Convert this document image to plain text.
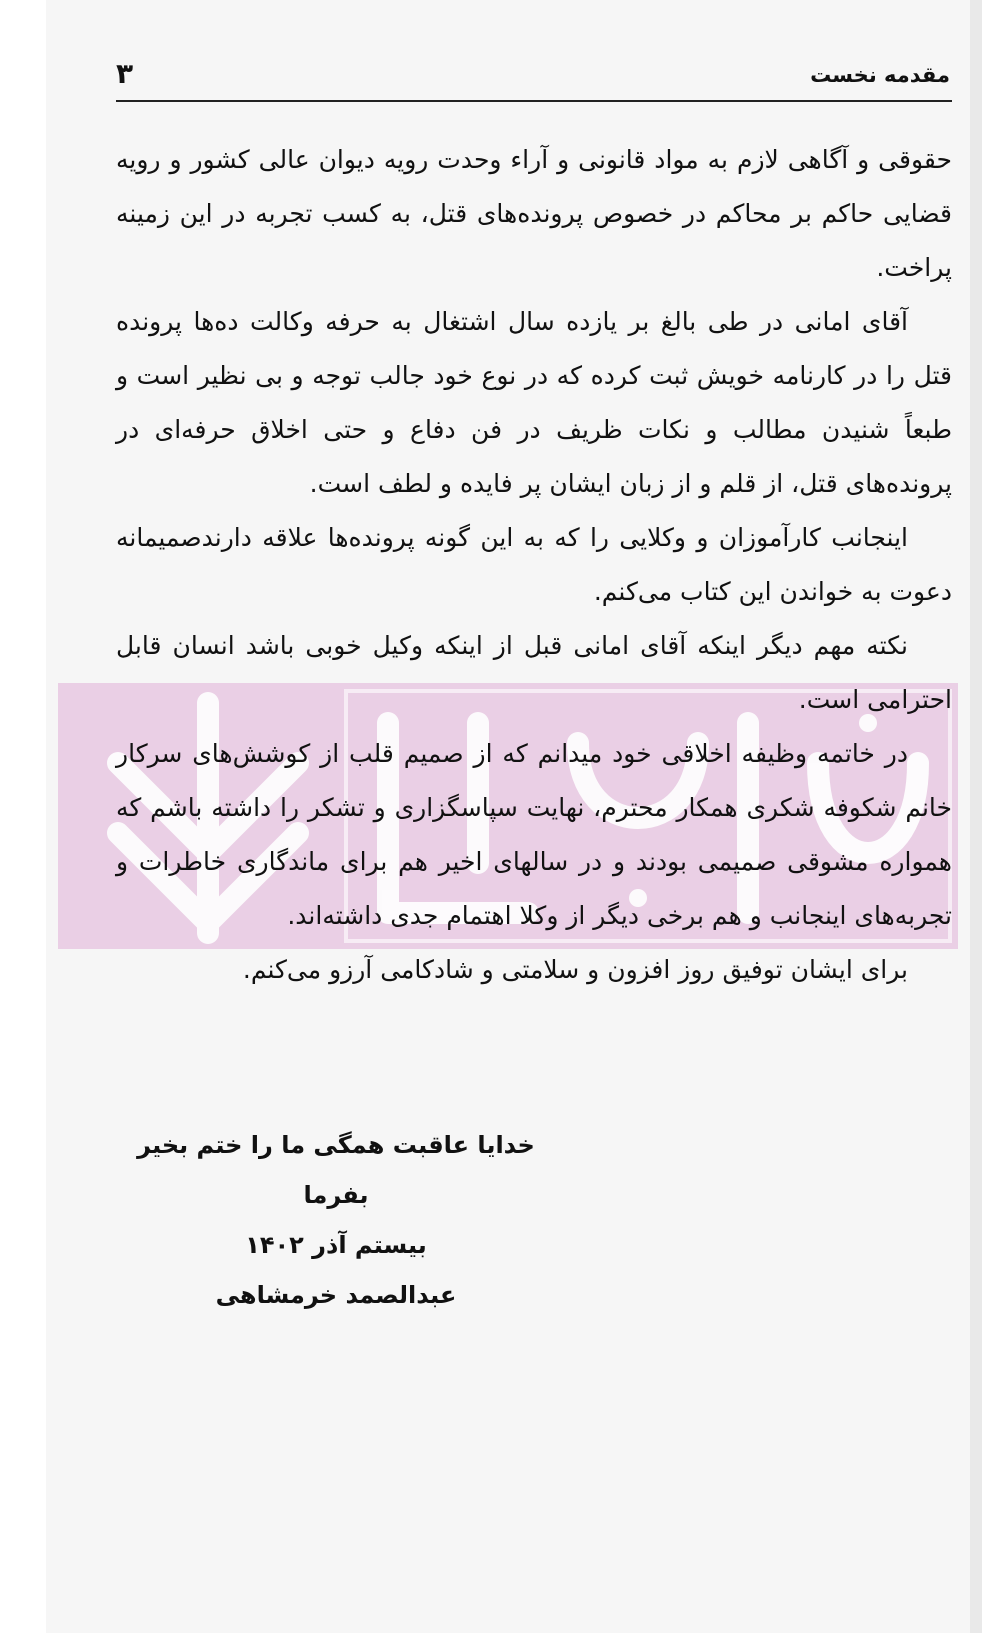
مقدمه نخست
۳

حقوقی و آگاهی لازم به مواد قانونی و آراء وحدت رویه دیوان عالی کشور و رویه قضایی حاکم بر محاکم در خصوص پرونده‌های قتل، به کسب تجربه در این زمینه پراخت.

آقای امانی در طی بالغ بر یازده سال اشتغال به حرفه وکالت ده‌ها پرونده قتل را در کارنامه خویش ثبت کرده که در نوع خود جالب توجه و بی نظیر است و طبعاً شنیدن مطالب و نکات ظریف در فن دفاع و حتی اخلاق حرفه‌ای در پرونده‌های قتل، از قلم و از زبان ایشان پر فایده و لطف است.

اینجانب کارآموزان و وکلایی را که به این گونه پرونده‌ها علاقه دارندصمیمانه دعوت به خواندن این کتاب می‌کنم.

نکته مهم دیگر اینکه آقای امانی قبل از اینکه وکیل خوبی باشد انسان قابل احترامی است.

در خاتمه وظیفه اخلاقی خود میدانم که از صمیم قلب از کوشش‌های سرکار خانم شکوفه شکری همکار محترم، نهایت سپاسگزاری و تشکر را داشته باشم که همواره مشوقی صمیمی بودند و در سالهای اخیر هم برای ماندگاری خاطرات و تجربه‌های اینجانب و هم برخی دیگر از وکلا اهتمام جدی داشته‌اند.

برای ایشان توفیق روز افزون و سلامتی و شادکامی آرزو می‌کنم.

خدایا عاقبت همگی ما را ختم بخیر بفرما
بیستم آذر ۱۴۰۲
عبدالصمد خرمشاهی
